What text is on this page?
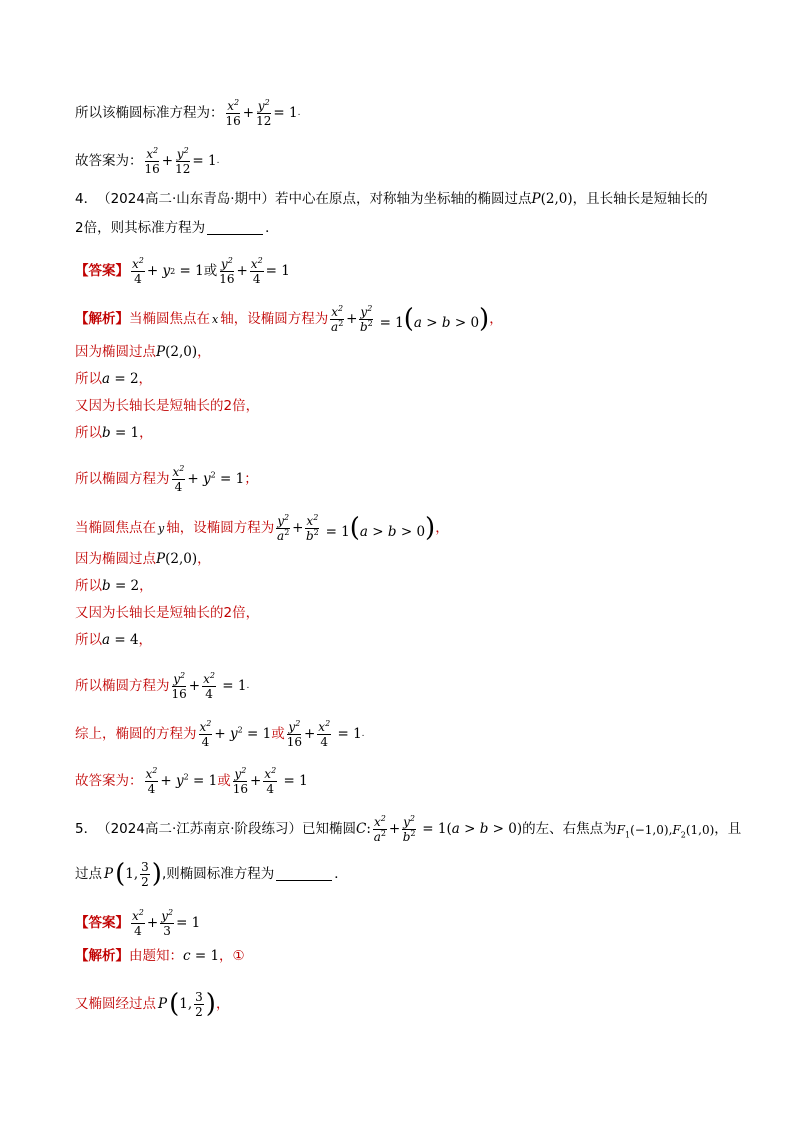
所以该椭圆标准方程为： $x^2$
16
+ $\frac{y^2}{12} = 1$ .
故答案为： $x^2$
16
+ $\frac{y^2}{12} = 1$ .
4． （2024高二·山东青岛·期中） 若中心在原点，对称轴为坐标轴的椭圆过点 P(2,0) ，且长轴长是短轴长的
2倍，则其标准方程为	．
【答案】 $x^2$
4
+ y 2 = 1 或 $y^2$
16
+ $\frac{x^2}{4} = 1$
【解析】 当椭圆焦点在 x 轴，设椭圆方程为 $x^2$
$a^2 + \frac{y^2}{b^2} = 1(a > b > 0)$ ，
因为椭圆过点 P(2,0) ，
所以 a = 2 ，
又因为长轴长是短轴长的2倍，
所以 b = 1 ，
所以椭圆方程为 $x^2$
4
+ $y^2 = 1$ ；
当椭圆焦点在 y 轴，设椭圆方程为 $y^2$
$a^2 + \frac{x^2}{b^2} = 1(a > b > 0)$ ，
因为椭圆过点 P(2,0) ，
所以 b = 2 ，
又因为长轴长是短轴长的2倍，
所以 a = 4 ，
所以椭圆方程为 $y^2$
16
+ $\frac{x^2}{4} = 1$ .
综上，椭圆的方程为 $x^2$
4
+ $y^2 = 1$ 或 $y^2$
16
+ $\frac{x^2}{4} = 1$ .
故答案为： $x^2$
4
+ $y^2 = 1$ 或 $y^2$
16
+ $\frac{x^2}{4} = 1$
5． （2024高二·江苏南京·阶段练习） 已知椭圆 C : $x^2$
$a^2 + \frac{y^2}{b^2} = 1(a > b > 0)$ 的左、右焦点为 $F_1(-1,0),F_2(1,0)$ ，且
过点 P ( 1, 3
2 ) ,则椭圆标准方程为	．
【答案】 $x^2$
4
+ $\frac{y^2}{3} = 1$
【解析】 由题知： c = 1 ，①
又椭圆经过点 P ( 1, 3
2 ) ，
